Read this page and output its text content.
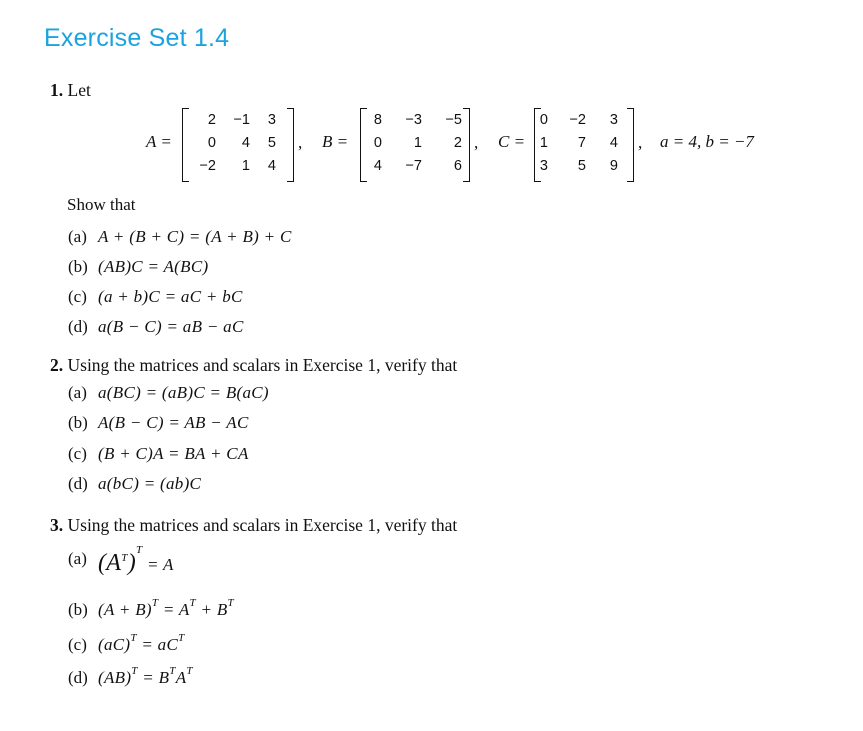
Exercise Set 1.4
1. Let
A =
2	−1	3
0	4	5
−2	1	4
, B =
8	−3	−5
0	1	2
4	−7	6
, C =
0	−2	3
1	7	4
3	5	9
, a = 4, b = −7
Show that
(a) A + (B + C) = (A + B) + C
(b) (AB)C = A(BC)
(c) (a + b)C = aC + bC
(d) a(B − C) = aB − aC
2. Using the matrices and scalars in Exercise 1, verify that
(a) a(BC) = (aB)C = B(aC)
(b) A(B − C) = AB − AC
(c) (B + C)A = BA + CA
(d) a(bC) = (ab)C
3. Using the matrices and scalars in Exercise 1, verify that
(a) $(A^T)^T = A$
(b) $(A + B)^T = A^T + B^T$
(c) $(aC)^T = aC^T$
(d) $(AB)^T = B^TA^T$
